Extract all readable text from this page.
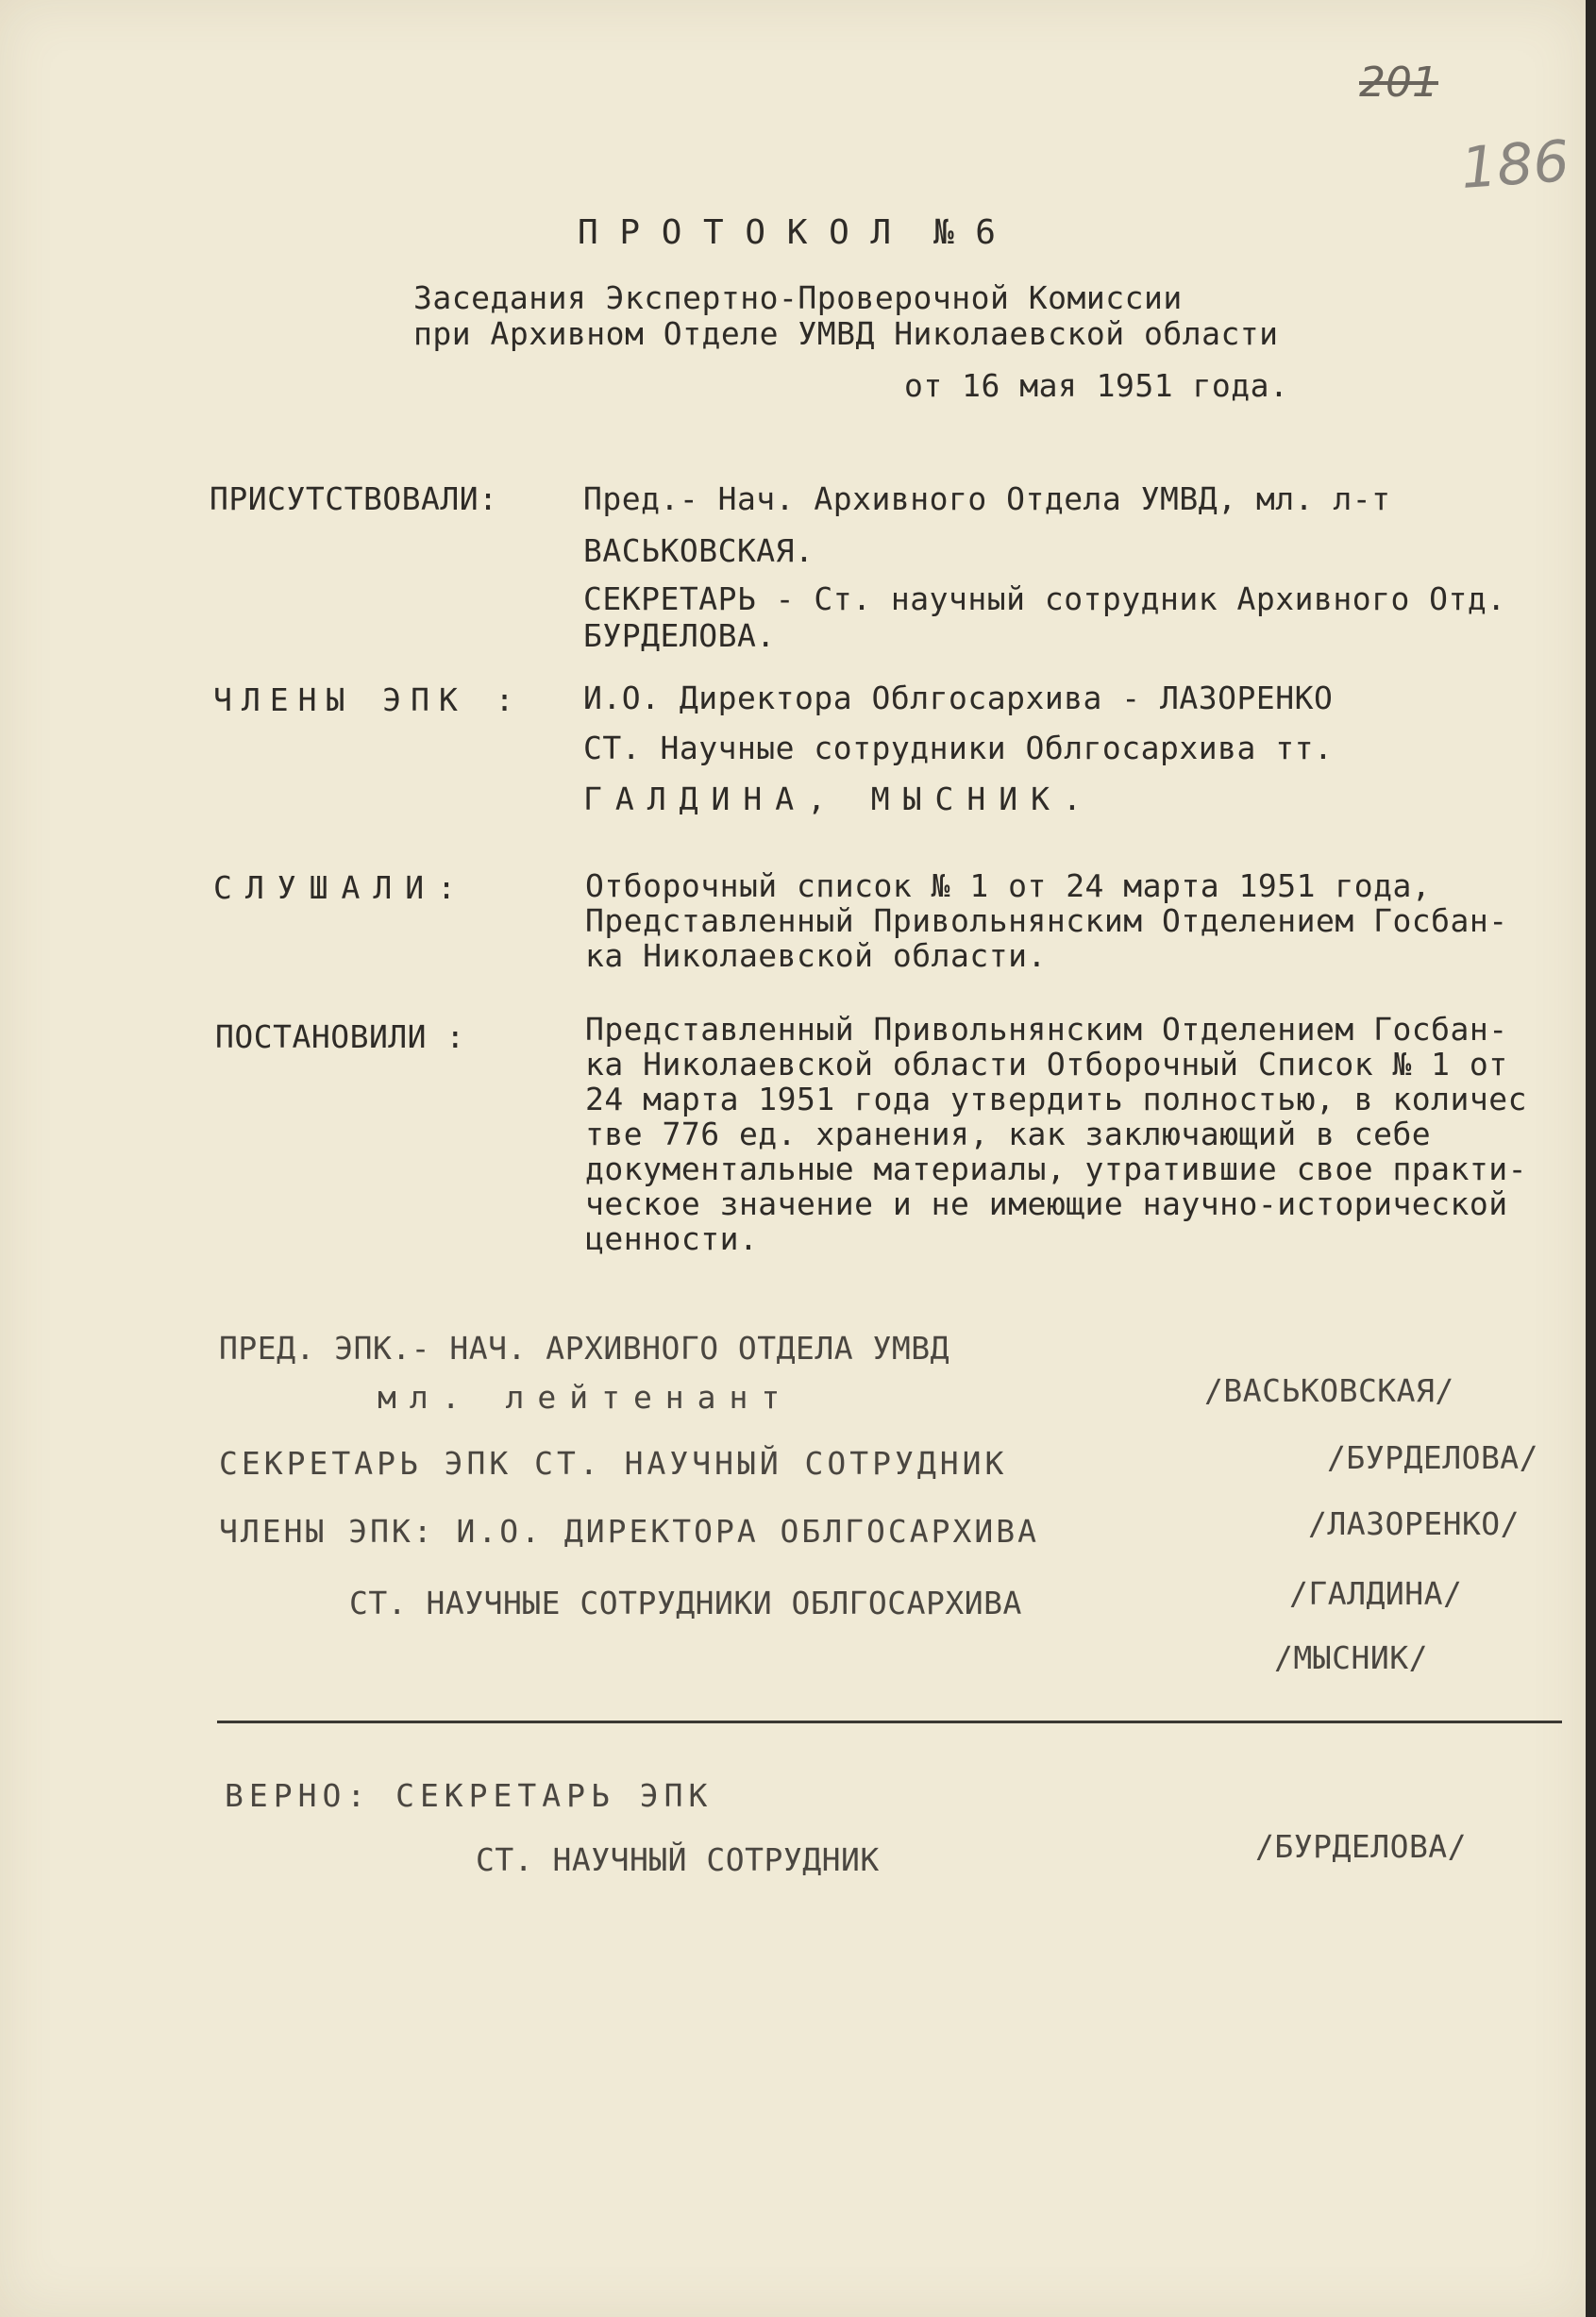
201
186
П Р О Т О К О Л  № 6
Заседания Экспертно-Проверочной Комиссии
при Архивном Отделе УМВД Николаевской области
от 16 мая 1951 года.
ПРИСУТСТВОВАЛИ:	Пред.- Нач. Архивного Отдела УМВД, мл. л-т
ВАСЬКОВСКАЯ.
СЕКРЕТАРЬ - Ст. научный сотрудник Архивного Отд.
БУРДЕЛОВА.
ЧЛЕНЫ ЭПК : И.О. Директора Облгосархива - ЛАЗОРЕНКО
СТ. Научные сотрудники Облгосархива тт.
ГАЛДИНА, МЫСНИК.
СЛУШАЛИ:	Отборочный список № 1 от 24 марта 1951 года,
Представленный Привольнянским Отделением Госбан-
ка Николаевской области.
ПОСТАНОВИЛИ :	Представленный Привольнянским Отделением Госбан-
ка Николаевской области Отборочный Список № 1 от
24 марта 1951 года утвердить полностью, в количес
тве 776 ед. хранения, как заключающий в себе
документальные материалы, утратившие свое практи-
ческое значение и не имеющие научно-исторической
ценности.
ПРЕД. ЭПК.- НАЧ. АРХИВНОГО ОТДЕЛА УМВД
мл. лейтенант	/ВАСЬКОВСКАЯ/
СЕКРЕТАРЬ ЭПК СТ. НАУЧНЫЙ СОТРУДНИК	/БУРДЕЛОВА/
ЧЛЕНЫ ЭПК: И.О. ДИРЕКТОРА ОБЛГОСАРХИВА	/ЛАЗОРЕНКО/
СТ. НАУЧНЫЕ СОТРУДНИКИ ОБЛГОСАРХИВА	/ГАЛДИНА/
/МЫСНИК/
ВЕРНО: СЕКРЕТАРЬ ЭПК
СТ. НАУЧНЫЙ СОТРУДНИК	/БУРДЕЛОВА/
